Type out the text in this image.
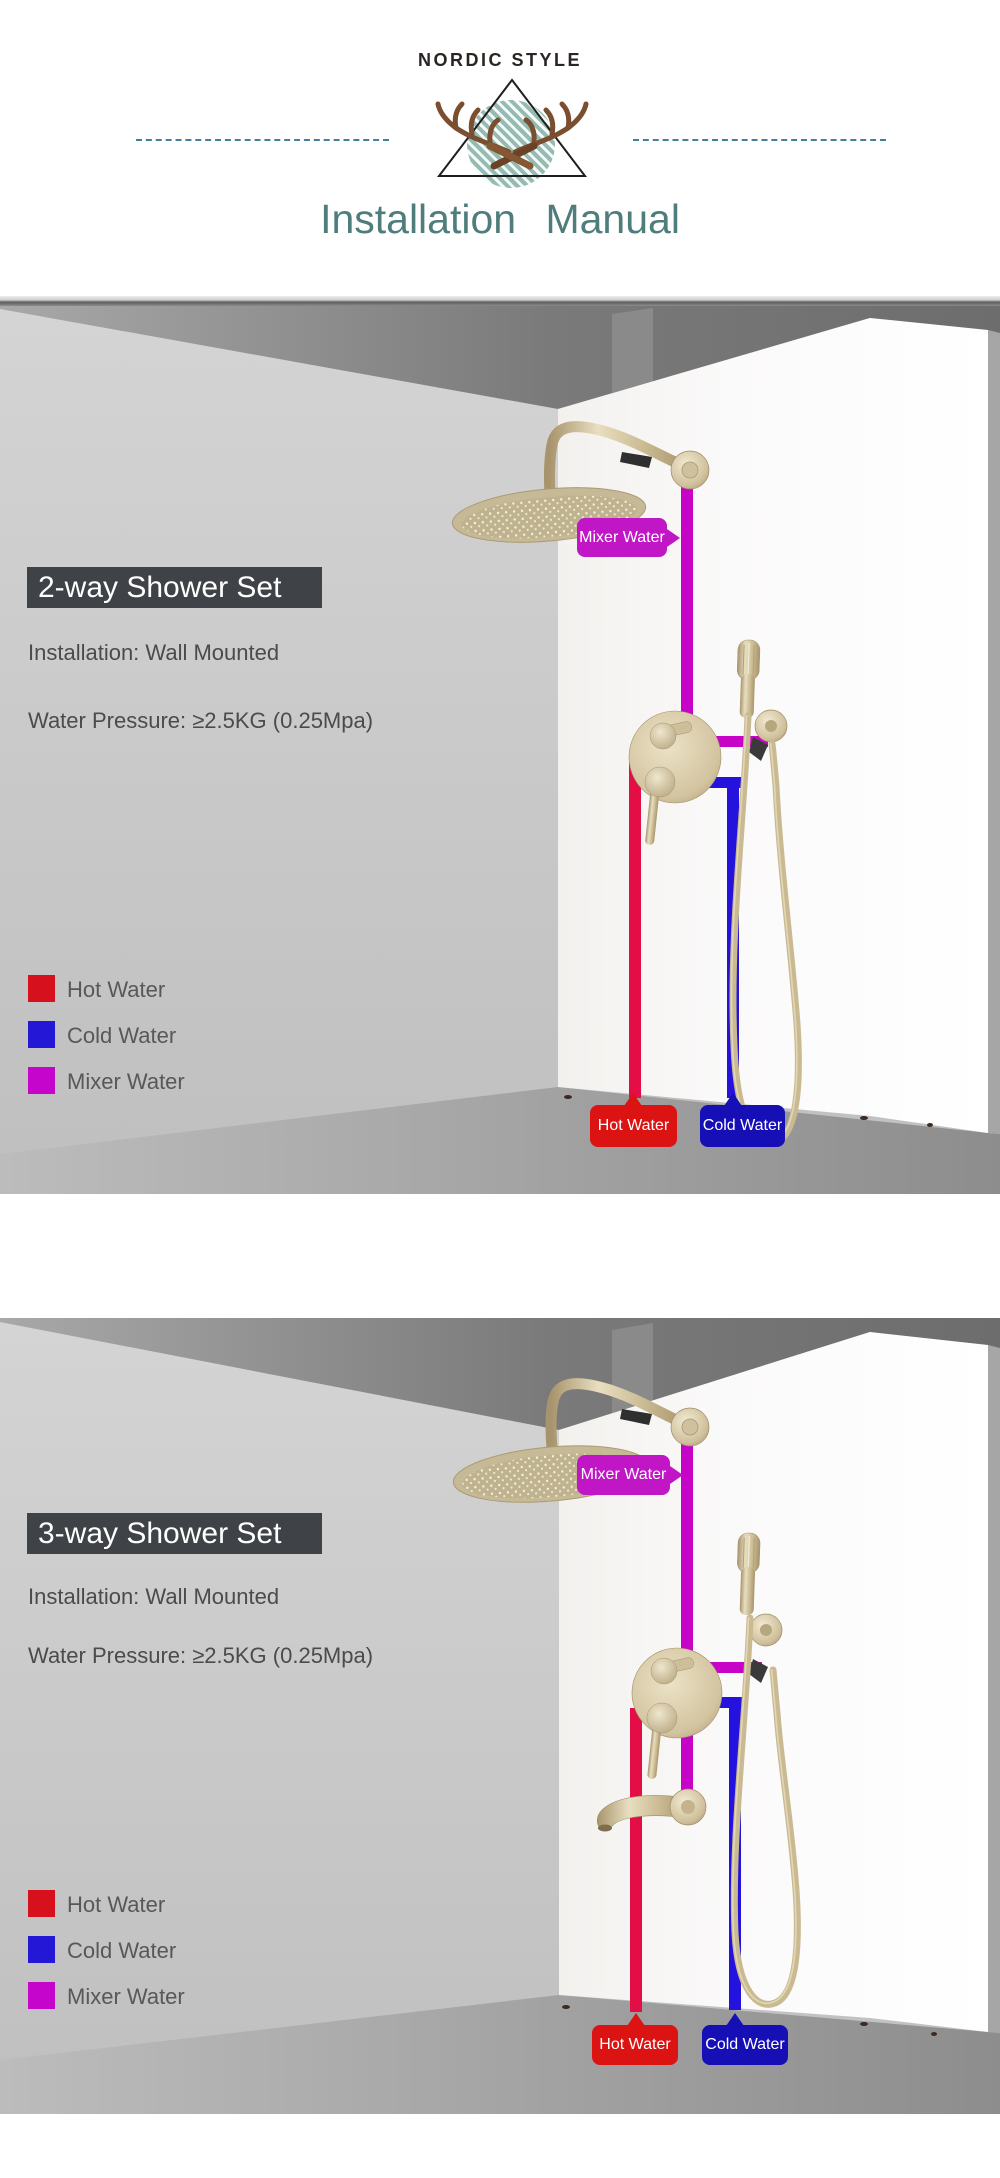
NORDIC STYLE
Installation Manual
2-way Shower Set
Installation: Wall Mounted
Water Pressure: ≥2.5KG (0.25Mpa)
Hot Water
Cold Water
Mixer Water
Mixer Water
Hot Water	Cold Water
3-way Shower Set
Installation: Wall Mounted
Water Pressure: ≥2.5KG (0.25Mpa)
Hot Water
Cold Water
Mixer Water
Mixer Water
Hot Water	Cold Water
